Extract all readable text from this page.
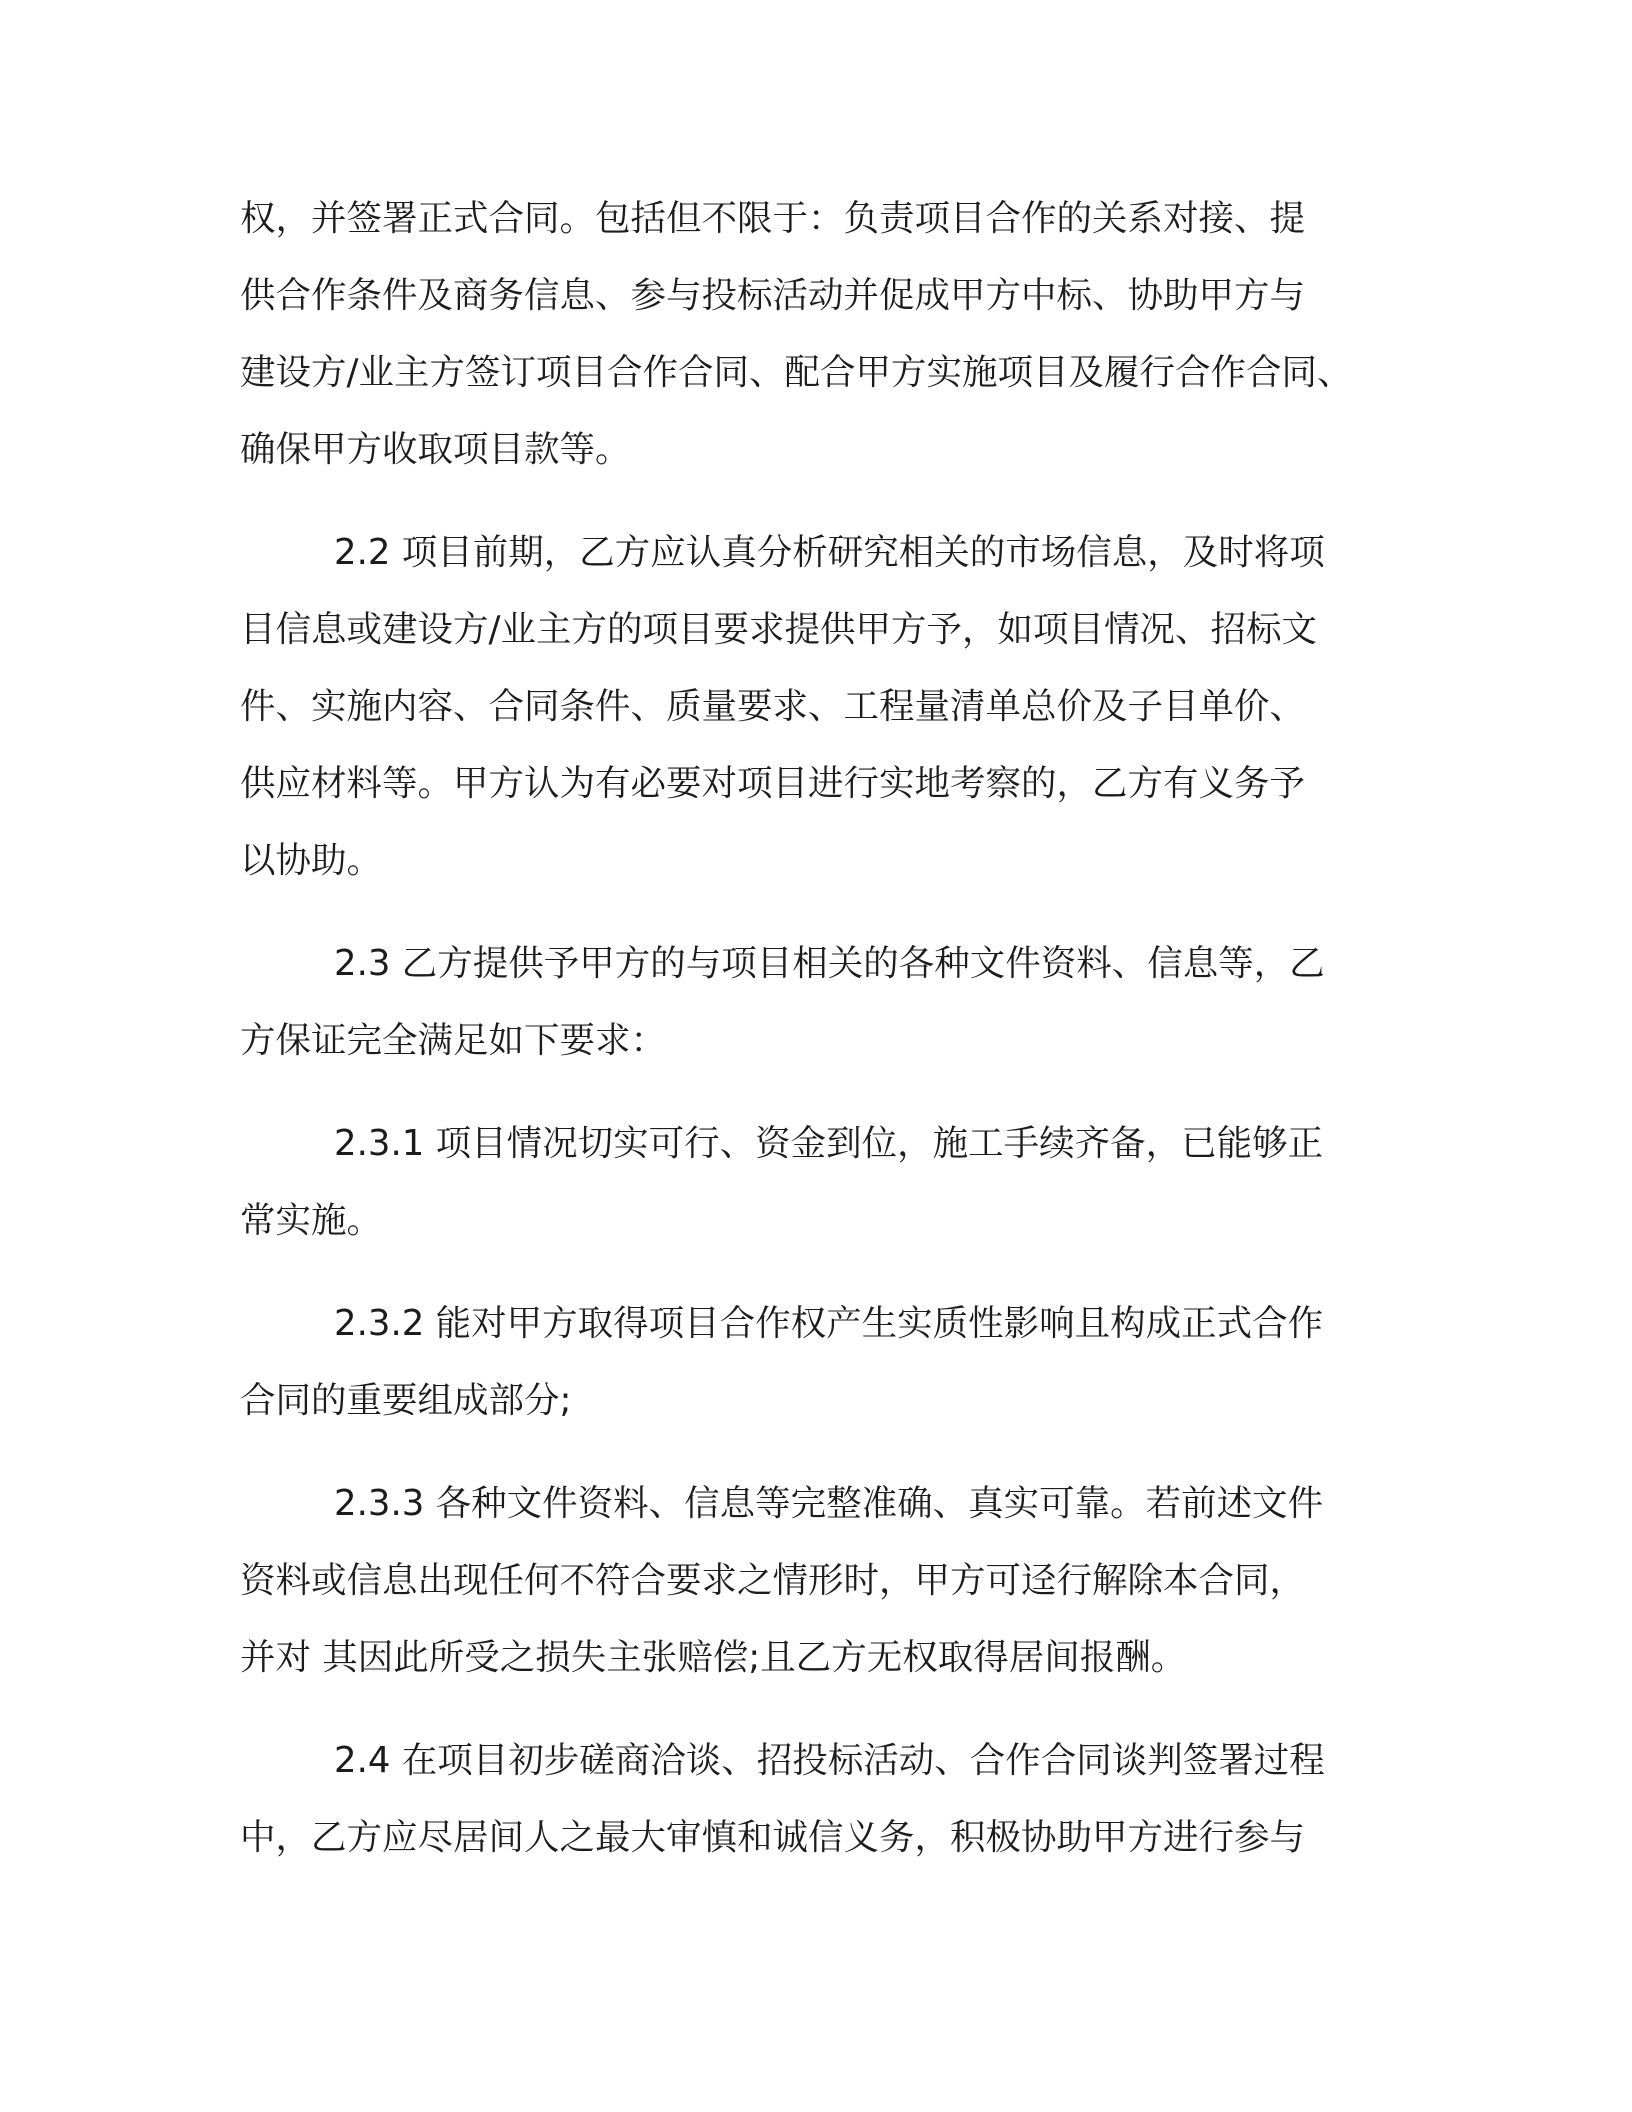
权，并签署正式合同。包括但不限于：负责项目合作的关系对接、提
供合作条件及商务信息、参与投标活动并促成甲方中标、协助甲方与
建设方/业主方签订项目合作合同、配合甲方实施项目及履行合作合同、
确保甲方收取项目款等。
2.2 项目前期，乙方应认真分析研究相关的市场信息，及时将项
目信息或建设方/业主方的项目要求提供甲方予，如项目情况、招标文
件、实施内容、合同条件、质量要求、工程量清单总价及子目单价、
供应材料等。甲方认为有必要对项目进行实地考察的，乙方有义务予
以协助。
2.3 乙方提供予甲方的与项目相关的各种文件资料、信息等，乙
方保证完全满足如下要求：
2.3.1 项目情况切实可行、资金到位，施工手续齐备，已能够正
常实施。
2.3.2 能对甲方取得项目合作权产生实质性影响且构成正式合作
合同的重要组成部分;
2.3.3 各种文件资料、信息等完整准确、真实可靠。若前述文件
资料或信息出现任何不符合要求之情形时，甲方可迳行解除本合同，
并对 其因此所受之损失主张赔偿;且乙方无权取得居间报酬。
2.4 在项目初步磋商洽谈、招投标活动、合作合同谈判签署过程
中，乙方应尽居间人之最大审慎和诚信义务，积极协助甲方进行参与
